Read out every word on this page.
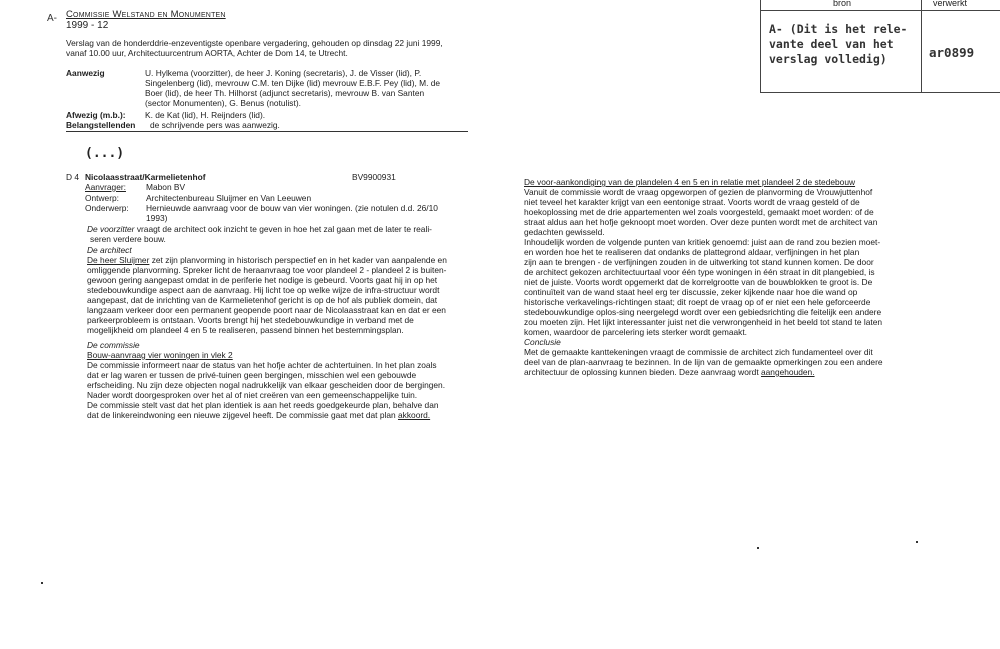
A-
bron	verwerkt
A- (Dit is het rele-
vante deel van het
verslag volledig)	ar0899
Commissie Welstand en Monumenten
1999 - 12
Verslag van de honderddrie-enzeventigste openbare vergadering, gehouden op dinsdag 22 juni 1999,
vanaf 10.00 uur, Architectuurcentrum AORTA, Achter de Dom 14, te Utrecht.
Aanwezig	U. Hylkema (voorzitter), de heer J. Koning (secretaris), J. de Visser (lid), P.
Singelenberg (lid), mevrouw C.M. ten Dijke (lid) mevrouw E.B.F. Pey (lid), M. de
Boer (lid), de heer Th. Hilhorst (adjunct secretaris), mevrouw B. van Santen
(sector Monumenten), G. Benus (notulist).
Afwezig (m.b.): K. de Kat (lid), H. Reijnders (lid).
Belangstellenden de schrijvende pers was aanwezig.
(...)
D 4 Nicolaasstraat/Karmelietenhof	BV9900931
Aanvrager: Mabon BV
Ontwerp:	Architectenbureau Sluijmer en Van Leeuwen
Onderwerp: Hernieuwde aanvraag voor de bouw van vier woningen. (zie notulen d.d. 26/10
1993)
De voorzitter vraagt de architect ook inzicht te geven in hoe het zal gaan met de later te reali-
seren verdere bouw.
De architect
De heer Sluijmer zet zijn planvorming in historisch perspectief en in het kader van aanpalende en
omliggende planvorming. Spreker licht de heraanvraag toe voor plandeel 2 - plandeel 2 is buiten-
gewoon gering aangepast omdat in de periferie het nodige is gebeurd. Voorts gaat hij in op het
stedebouwkundige aspect aan de aanvraag. Hij licht toe op welke wijze de infra-structuur wordt
aangepast, dat de inrichting van de Karmelietenhof gericht is op de hof als publiek domein, dat
langzaam verkeer door een permanent geopende poort naar de Nicolaasstraat kan en dat er een
parkeerprobleem is ontstaan. Voorts brengt hij het stedebouwkundige in verband met de
mogelijkheid om plandeel 4 en 5 te realiseren, passend binnen het bestemmingsplan.
De commissie
Bouw-aanvraag vier woningen in vlek 2
De commissie informeert naar de status van het hofje achter de achtertuinen. In het plan zoals
dat er lag waren er tussen de privé-tuinen geen bergingen, misschien wel een gebouwde
erfscheiding. Nu zijn deze objecten nogal nadrukkelijk van elkaar gescheiden door de bergingen.
Nader wordt doorgesproken over het al of niet creëren van een gemeenschappelijke tuin.
De commissie stelt vast dat het plan identiek is aan het reeds goedgekeurde plan, behalve dan
dat de linkereindwoning een nieuwe zijgevel heeft. De commissie gaat met dat plan akkoord.
De voor-aankondiging van de plandelen 4 en 5 en in relatie met plandeel 2 de stedebouw
Vanuit de commissie wordt de vraag opgeworpen of gezien de planvorming de Vrouwjuttenhof
niet teveel het karakter krijgt van een eentonige straat. Voorts wordt de vraag gesteld of de
hoekoplossing met de drie appartementen wel zoals voorgesteld, gemaakt moet worden: of de
straat aldus aan het hofje geknoopt moet worden. Over deze punten wordt met de architect van
gedachten gewisseld.
Inhoudelijk worden de volgende punten van kritiek genoemd: juist aan de rand zou bezien moet-
en worden hoe het te realiseren dat ondanks de plattegrond aldaar, verfijningen in het plan
zijn aan te brengen - de verfijningen zouden in de uitwerking tot stand kunnen komen. De door
de architect gekozen architectuurtaal voor één type woningen in één straat in dit plangebied, is
niet de juiste. Voorts wordt opgemerkt dat de korrelgrootte van de bouwblokken te groot is. De
continuïteit van de wand staat heel erg ter discussie, zeker kijkende naar hoe die wand op
historische verkavelings-richtingen staat; dit roept de vraag op of er niet een hele geforceerde
stedebouwkundige oplos-sing neergelegd wordt over een gebiedsrichting die feitelijk een andere
zou moeten zijn. Het lijkt interessanter juist net die verwrongenheid in het beeld tot stand te laten
komen, waardoor de parcelering iets sterker wordt gemaakt.
Conclusie
Met de gemaakte kanttekeningen vraagt de commissie de architect zich fundamenteel over dit
deel van de plan-aanvraag te bezinnen. In de lijn van de gemaakte opmerkingen zou een andere
architectuur de oplossing kunnen bieden. Deze aanvraag wordt aangehouden.
